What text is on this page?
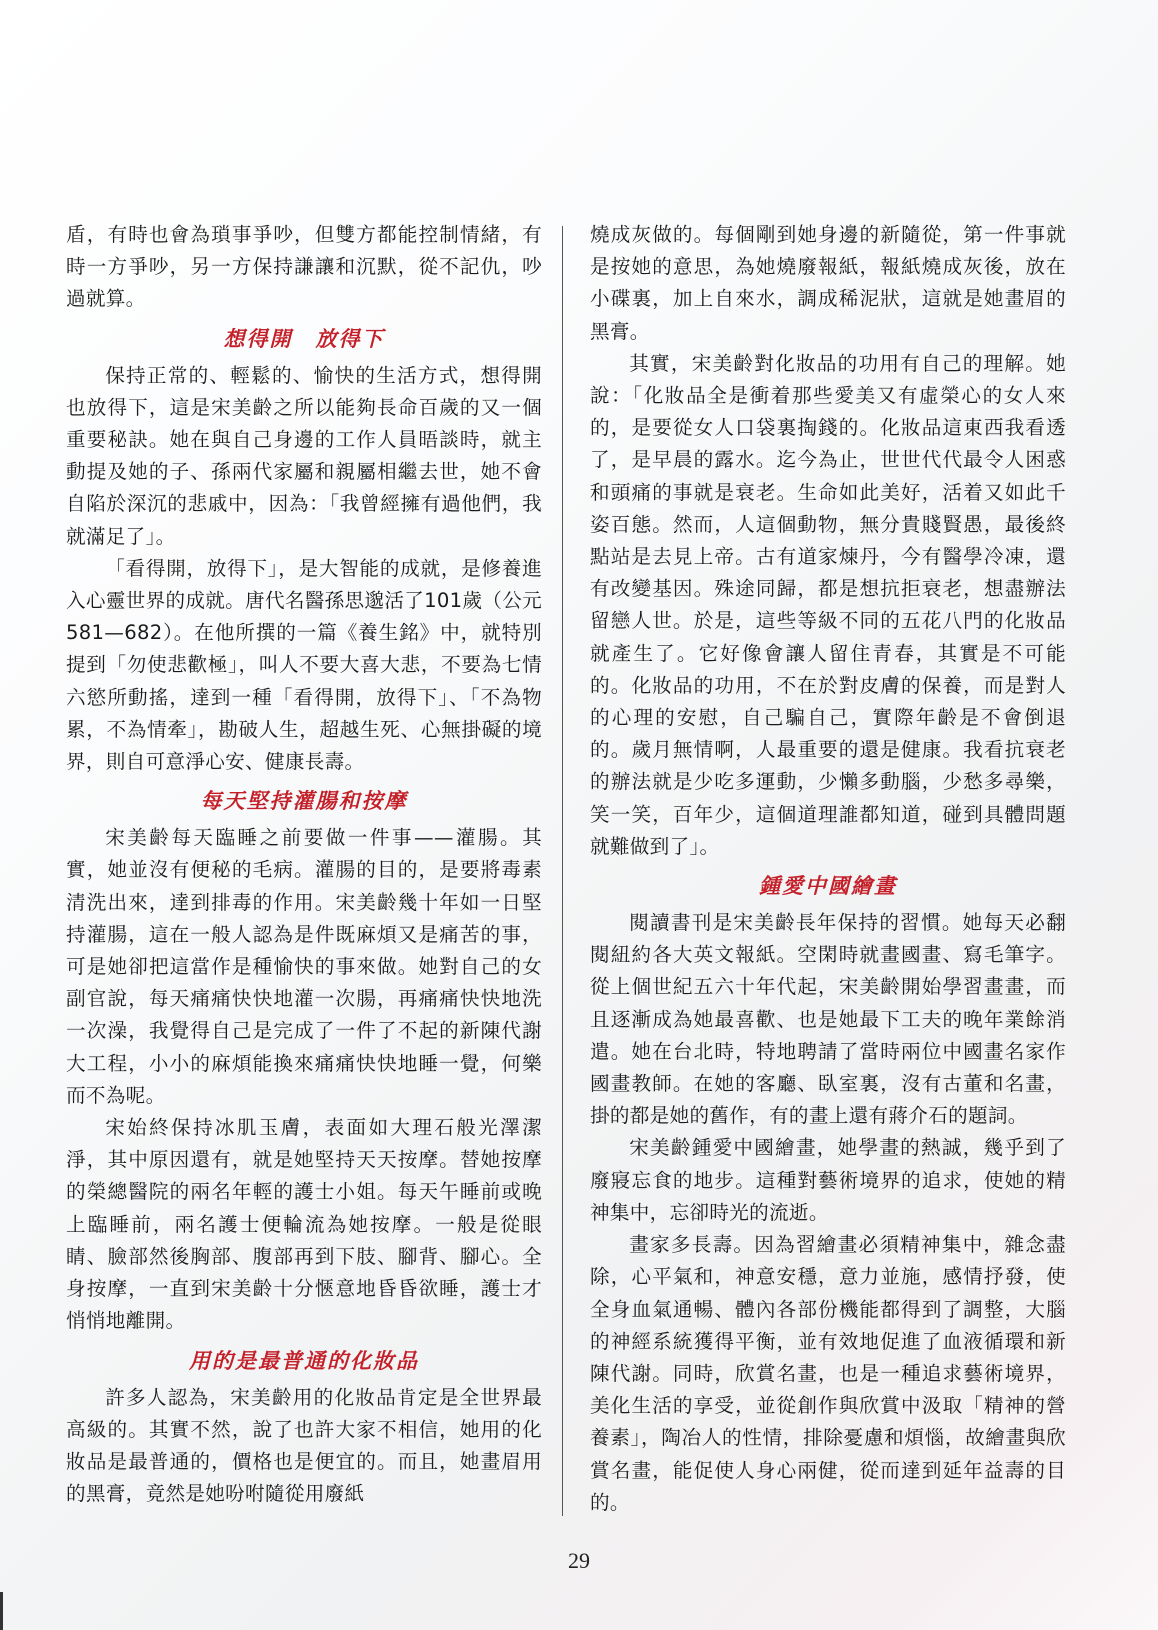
盾，有時也會為瑣事爭吵，但雙方都能控制情緒，有時一方爭吵，另一方保持謙讓和沉默，從不記仇，吵過就算。

想得開　放得下

保持正常的、輕鬆的、愉快的生活方式，想得開也放得下，這是宋美齡之所以能夠長命百歲的又一個重要秘訣。她在與自己身邊的工作人員晤談時，就主動提及她的子、孫兩代家屬和親屬相繼去世，她不會自陷於深沉的悲戚中，因為：「我曾經擁有過他們，我就滿足了」。

「看得開，放得下」，是大智能的成就，是修養進入心靈世界的成就。唐代名醫孫思邈活了101歲（公元581—682）。在他所撰的一篇《養生銘》中，就特別提到「勿使悲歡極」，叫人不要大喜大悲，不要為七情六慾所動搖，達到一種「看得開，放得下」、「不為物累，不為情牽」，勘破人生，超越生死、心無掛礙的境界，則自可意淨心安、健康長壽。

每天堅持灌腸和按摩

宋美齡每天臨睡之前要做一件事——灌腸。其實，她並沒有便秘的毛病。灌腸的目的，是要將毒素清洗出來，達到排毒的作用。宋美齡幾十年如一日堅持灌腸，這在一般人認為是件既麻煩又是痛苦的事，可是她卻把這當作是種愉快的事來做。她對自己的女副官說，每天痛痛快快地灌一次腸，再痛痛快快地洗一次澡，我覺得自己是完成了一件了不起的新陳代謝大工程，小小的麻煩能換來痛痛快快地睡一覺，何樂而不為呢。

宋始終保持冰肌玉膚，表面如大理石般光澤潔淨，其中原因還有，就是她堅持天天按摩。替她按摩的榮總醫院的兩名年輕的護士小姐。每天午睡前或晚上臨睡前，兩名護士便輪流為她按摩。一般是從眼睛、臉部然後胸部、腹部再到下肢、腳背、腳心。全身按摩，一直到宋美齡十分愜意地昏昏欲睡，護士才悄悄地離開。

用的是最普通的化妝品

許多人認為，宋美齡用的化妝品肯定是全世界最高級的。其實不然，說了也許大家不相信，她用的化妝品是最普通的，價格也是便宜的。而且，她畫眉用的黑膏，竟然是她吩咐隨從用廢紙

燒成灰做的。每個剛到她身邊的新隨從，第一件事就是按她的意思，為她燒廢報紙，報紙燒成灰後，放在小碟裏，加上自來水，調成稀泥狀，這就是她畫眉的黑膏。

其實，宋美齡對化妝品的功用有自己的理解。她說：「化妝品全是衝着那些愛美又有虛榮心的女人來的，是要從女人口袋裏掏錢的。化妝品這東西我看透了，是早晨的露水。迄今為止，世世代代最令人困惑和頭痛的事就是衰老。生命如此美好，活着又如此千姿百態。然而，人這個動物，無分貴賤賢愚，最後終點站是去見上帝。古有道家煉丹，今有醫學冷凍，還有改變基因。殊途同歸，都是想抗拒衰老，想盡辦法留戀人世。於是，這些等級不同的五花八門的化妝品就產生了。它好像會讓人留住青春，其實是不可能的。化妝品的功用，不在於對皮膚的保養，而是對人的心理的安慰，自己騙自己，實際年齡是不會倒退的。歲月無情啊，人最重要的還是健康。我看抗衰老的辦法就是少吃多運動，少懶多動腦，少愁多尋樂，笑一笑，百年少，這個道理誰都知道，碰到具體問題就難做到了」。

鍾愛中國繪畫

閱讀書刊是宋美齡長年保持的習慣。她每天必翻閱紐約各大英文報紙。空閑時就畫國畫、寫毛筆字。從上個世紀五六十年代起，宋美齡開始學習畫畫，而且逐漸成為她最喜歡、也是她最下工夫的晚年業餘消遣。她在台北時，特地聘請了當時兩位中國畫名家作國畫教師。在她的客廳、臥室裏，沒有古董和名畫，掛的都是她的舊作，有的畫上還有蔣介石的題詞。

宋美齡鍾愛中國繪畫，她學畫的熱誠，幾乎到了廢寢忘食的地步。這種對藝術境界的追求，使她的精神集中，忘卻時光的流逝。

畫家多長壽。因為習繪畫必須精神集中，雜念盡除，心平氣和，神意安穩，意力並施，感情抒發，使全身血氣通暢、體內各部份機能都得到了調整，大腦的神經系統獲得平衡，並有效地促進了血液循環和新陳代謝。同時，欣賞名畫，也是一種追求藝術境界，美化生活的享受，並從創作與欣賞中汲取「精神的營養素」，陶冶人的性情，排除憂慮和煩惱，故繪畫與欣賞名畫，能促使人身心兩健，從而達到延年益壽的目的。

29
